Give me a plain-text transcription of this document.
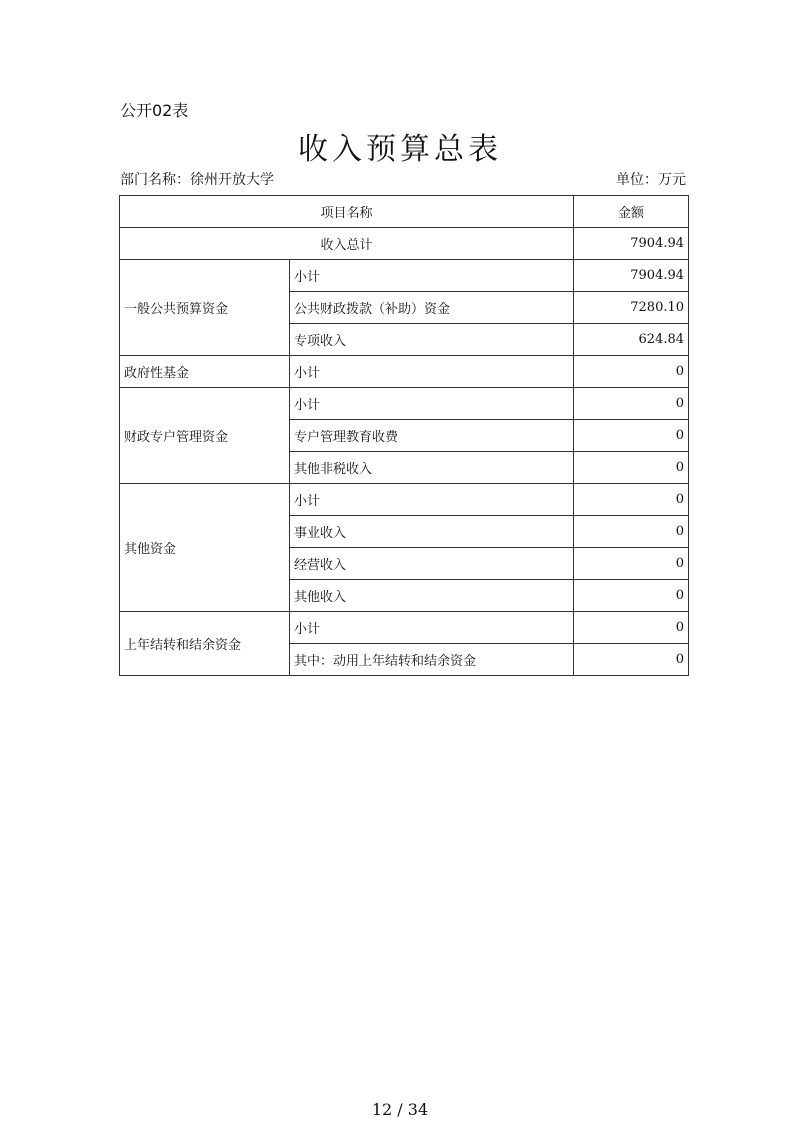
公开02表
收入预算总表
部门名称：徐州开放大学	单位：万元
项目名称		金额
收入总计		7904.94
一般公共预算资金	小计	7904.94
	公共财政拨款（补助）资金	7280.10
	专项收入	624.84
政府性基金	小计	0
财政专户管理资金	小计	0
	专户管理教育收费	0
	其他非税收入	0
其他资金	小计	0
	事业收入	0
	经营收入	0
	其他收入	0
上年结转和结余资金	小计	0
	其中：动用上年结转和结余资金	0
12 / 34
